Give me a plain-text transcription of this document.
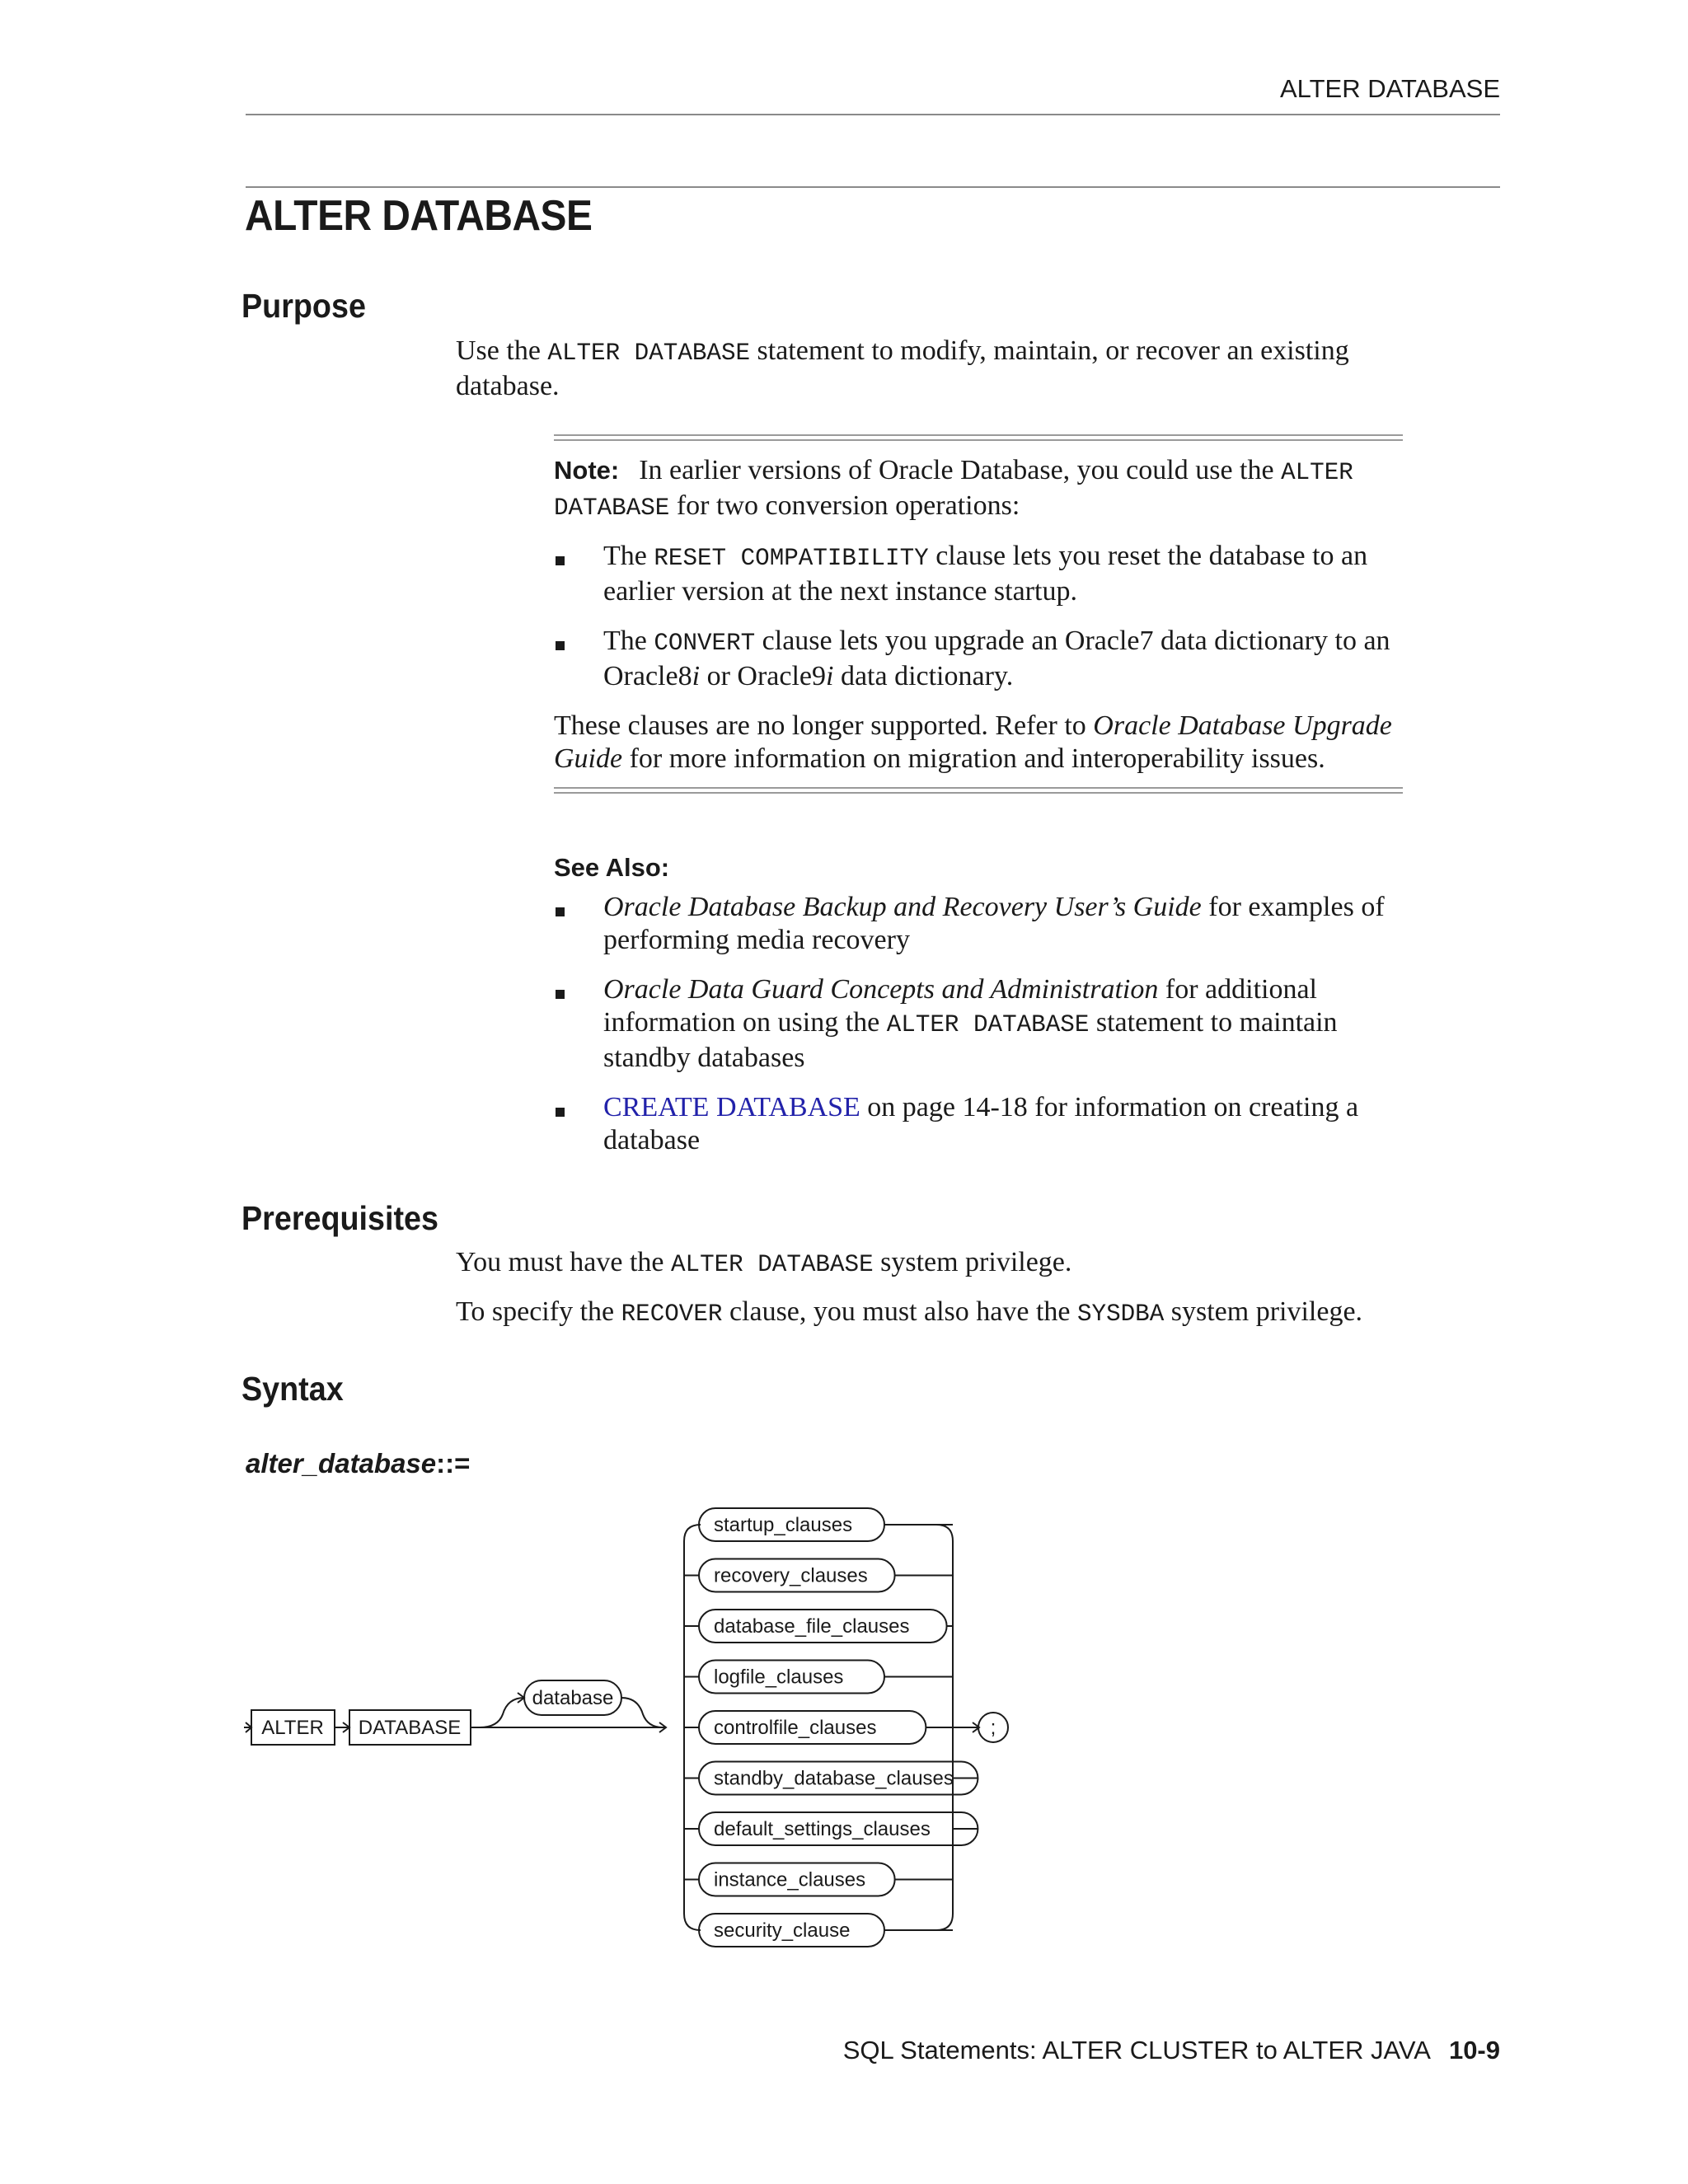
ALTER DATABASE
ALTER DATABASE
Purpose
Use the ALTER DATABASE statement to modify, maintain, or recover an existing database.

Note: In earlier versions of Oracle Database, you could use the ALTER DATABASE for two conversion operations:

The RESET COMPATIBILITY clause lets you reset the database to an earlier version at the next instance startup.
The CONVERT clause lets you upgrade an Oracle7 data dictionary to an Oracle8i or Oracle9i data dictionary.

These clauses are no longer supported. Refer to Oracle Database Upgrade Guide for more information on migration and interoperability issues.

See Also:

Oracle Database Backup and Recovery User’s Guide for examples of performing media recovery
Oracle Data Guard Concepts and Administration for additional information on using the ALTER DATABASE statement to maintain standby databases
CREATE DATABASE on page 14-18 for information on creating a database
Prerequisites
You must have the ALTER DATABASE system privilege.
To specify the RECOVER clause, you must also have the SYSDBA system privilege.
Syntax
alter_database::=
startup_clauses
recovery_clauses
database_file_clauses
logfile_clauses
controlfile_clauses
standby_database_clauses
default_settings_clauses
instance_clauses
security_clause
ALTER DATABASE
database
;
SQL Statements: ALTER CLUSTER to ALTER JAVA 10-9
